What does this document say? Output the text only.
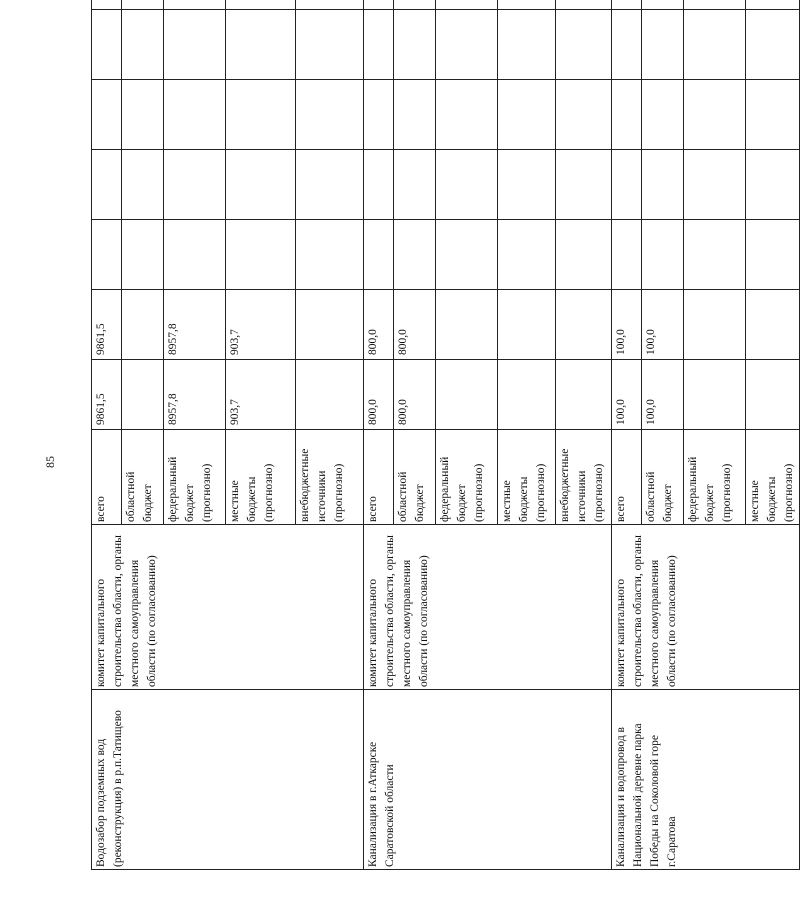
85
Водозабор подземных вод (реконструкция) в р.п.Татищево	комитет капитального строительства области, органы местного самоуправления области (по согласованию)	всего	9861,5	9861,5									
		областной бюджет											
		федеральный бюджет (прогнозно)	8957,8	8957,8									
		местные бюджеты (прогнозно)	903,7	903,7									
		внебюджетные источники (прогнозно)											
Канализация в г.Аткарске Саратовской области	комитет капитального строительства области, органы местного самоуправления области (по согласованию)	всего	800,0	800,0									
		областной бюджет	800,0	800,0									
		федеральный бюджет (прогнозно)											
		местные бюджеты (прогнозно)											
		внебюджетные источники (прогнозно)											
Канализация и водопровод в Национальной деревне парка Победы на Соколовой горе г.Саратова	комитет капитального строительства области, органы местного самоуправления области (по согласованию)	всего	100,0	100,0									
		областной бюджет	100,0	100,0									
		федеральный бюджет (прогнозно)											
		местные бюджеты (прогнозно)											
